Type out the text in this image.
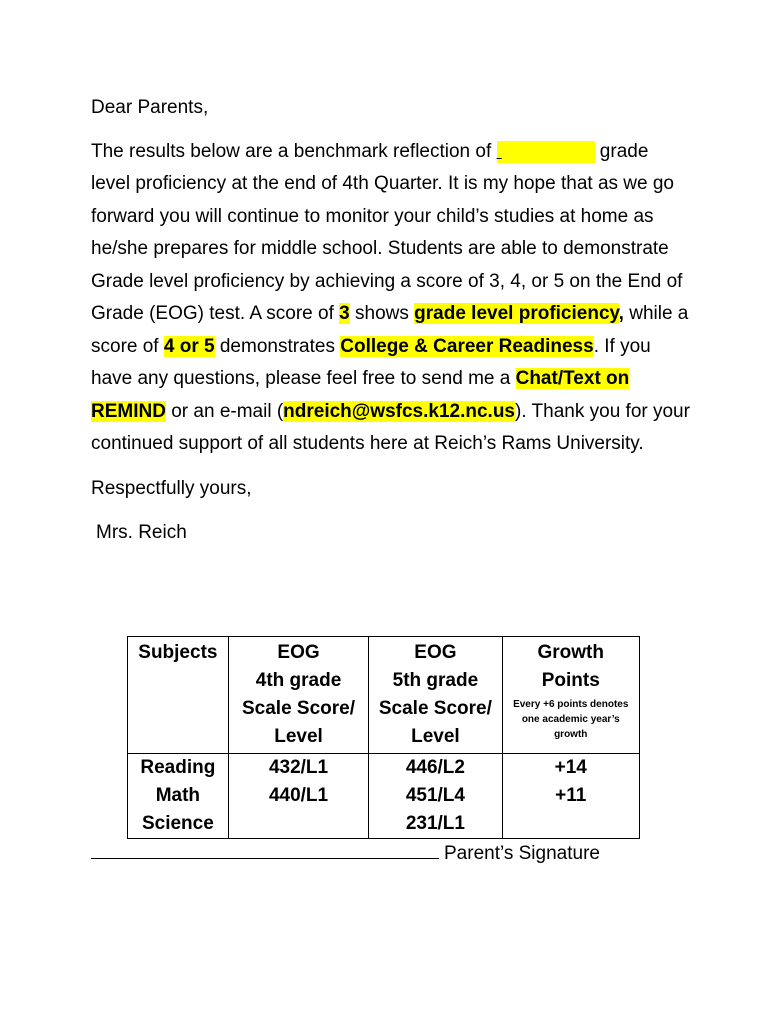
Dear Parents,

The results below are a benchmark reflection of	grade level proficiency at the end of 4th Quarter. It is my hope that as we go forward you will continue to monitor your child’s studies at home as he/she prepares for middle school. Students are able to demonstrate Grade level proficiency by achieving a score of 3, 4, or 5 on the End of Grade (EOG) test. A score of 3 shows grade level proficiency, while a score of 4 or 5 demonstrates College & Career Readiness. If you have any questions, please feel free to send me a Chat/Text on REMIND or an e-mail (ndreich@wsfcs.k12.nc.us). Thank you for your continued support of all students here at Reich’s Rams University.

Respectfully yours,

Mrs. Reich

Subjects	EOG
4th grade
Scale Score/
Level	EOG
5th grade
Scale Score/
Level	Growth
Points
Every +6 points denotes one academic year’s growth

Reading	432/L1	446/L2	+14
Math	440/L1	451/L4	+11
Science		231/L1	
Parent’s Signature
